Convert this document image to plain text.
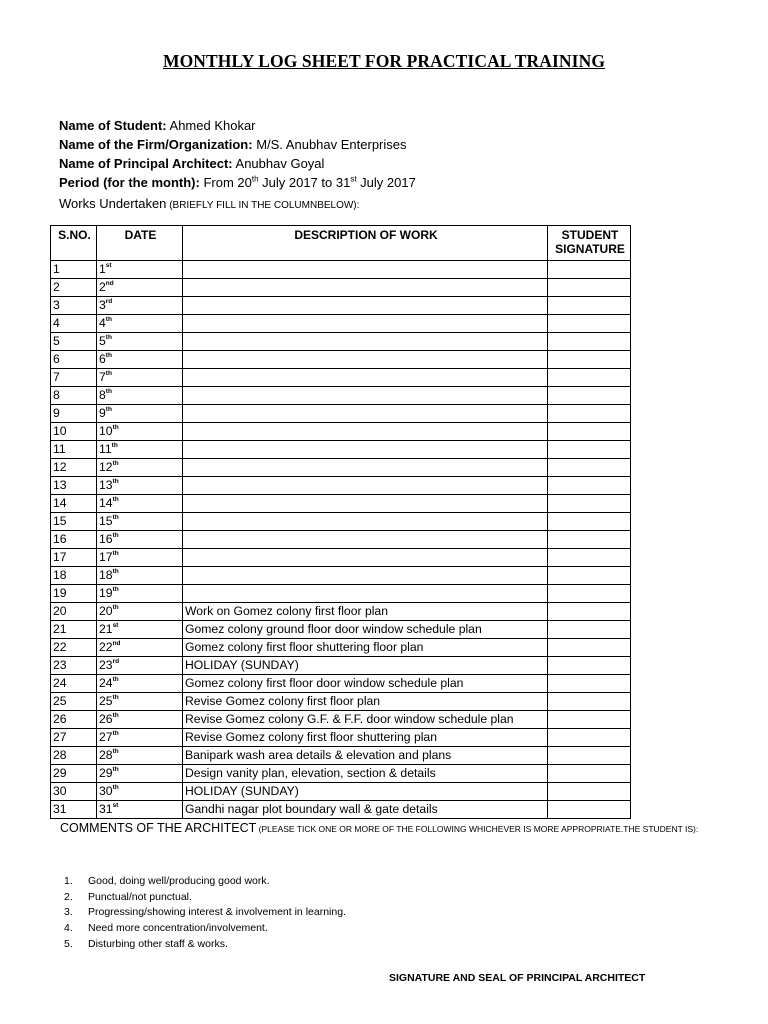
MONTHLY LOG SHEET FOR PRACTICAL TRAINING
Name of Student: Ahmed Khokar
Name of the Firm/Organization: M/S. Anubhav Enterprises
Name of Principal Architect: Anubhav Goyal
Period (for the month): From 20th July 2017 to 31st July 2017
Works Undertaken (BRIEFLY FILL IN THE COLUMNBELOW):
S.NO.	DATE	DESCRIPTION OF WORK	STUDENT SIGNATURE
1	1st		
2	2nd		
3	3rd		
4	4th		
5	5th		
6	6th		
7	7th		
8	8th		
9	9th		
10	10th		
11	11th		
12	12th		
13	13th		
14	14th		
15	15th		
16	16th		
17	17th		
18	18th		
19	19th		
20	20th	Work on Gomez colony first floor plan	
21	21st	Gomez colony ground floor door window schedule plan	
22	22nd	Gomez colony first floor shuttering floor plan	
23	23rd	HOLIDAY (SUNDAY)	
24	24th	Gomez colony first floor door window schedule plan	
25	25th	Revise Gomez colony first floor plan	
26	26th	Revise Gomez colony G.F. & F.F. door window schedule plan	
27	27th	Revise Gomez colony first floor shuttering plan	
28	28th	Banipark wash area details & elevation and plans	
29	29th	Design vanity plan, elevation, section & details	
30	30th	HOLIDAY (SUNDAY)	
31	31st	Gandhi nagar plot boundary wall & gate details	
COMMENTS OF THE ARCHITECT (PLEASE TICK ONE OR MORE OF THE FOLLOWING WHICHEVER IS MORE APPROPRIATE.THE STUDENT IS):
1. Good, doing well/producing good work.
2. Punctual/not punctual.
3. Progressing/showing interest & involvement in learning.
4. Need more concentration/involvement.
5. Disturbing other staff & works.
SIGNATURE AND SEAL OF PRINCIPAL ARCHITECT
